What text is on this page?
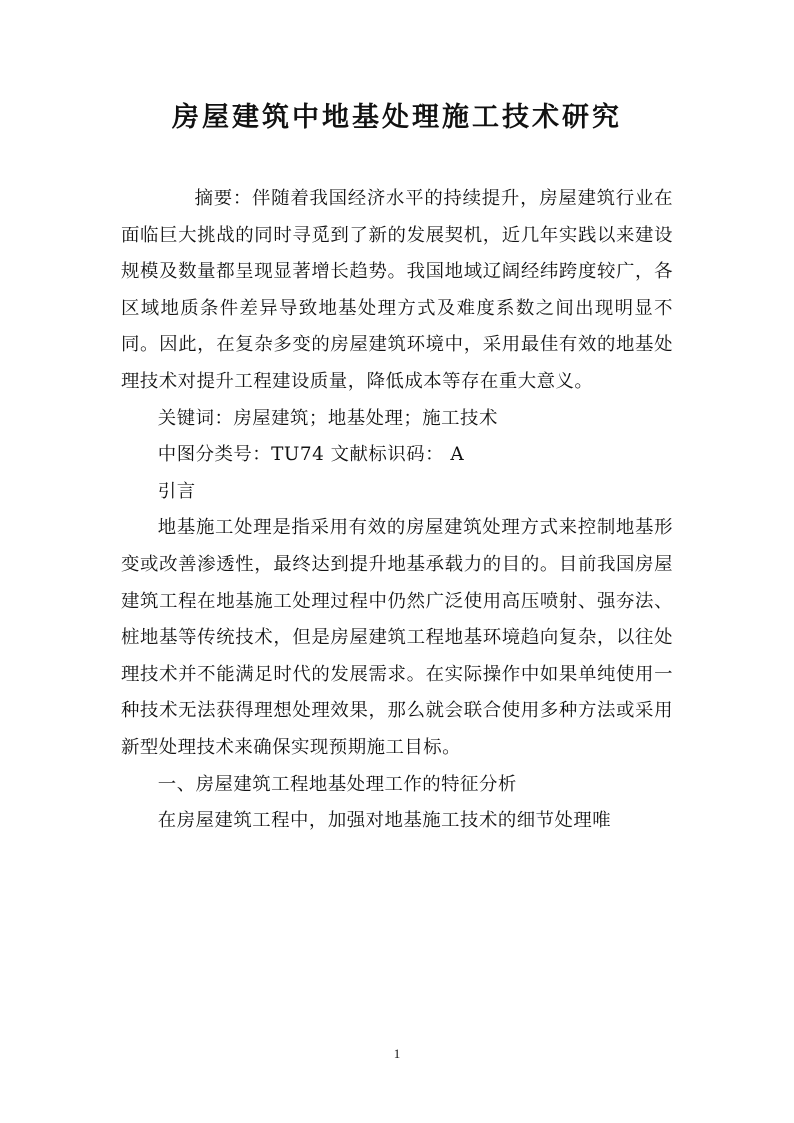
房屋建筑中地基处理施工技术研究

摘要：伴随着我国经济水平的持续提升，房屋建筑行业在面临巨大挑战的同时寻觅到了新的发展契机，近几年实践以来建设规模及数量都呈现显著增长趋势。我国地域辽阔经纬跨度较广，各区域地质条件差异导致地基处理方式及难度系数之间出现明显不同。因此，在复杂多变的房屋建筑环境中，采用最佳有效的地基处理技术对提升工程建设质量，降低成本等存在重大意义。

关键词：房屋建筑；地基处理；施工技术

中图分类号：TU74 文献标识码： A

引言

地基施工处理是指采用有效的房屋建筑处理方式来控制地基形变或改善渗透性，最终达到提升地基承载力的目的。目前我国房屋建筑工程在地基施工处理过程中仍然广泛使用高压喷射、强夯法、桩地基等传统技术，但是房屋建筑工程地基环境趋向复杂，以往处理技术并不能满足时代的发展需求。在实际操作中如果单纯使用一种技术无法获得理想处理效果，那么就会联合使用多种方法或采用新型处理技术来确保实现预期施工目标。

一、房屋建筑工程地基处理工作的特征分析

在房屋建筑工程中，加强对地基施工技术的细节处理唯

1
